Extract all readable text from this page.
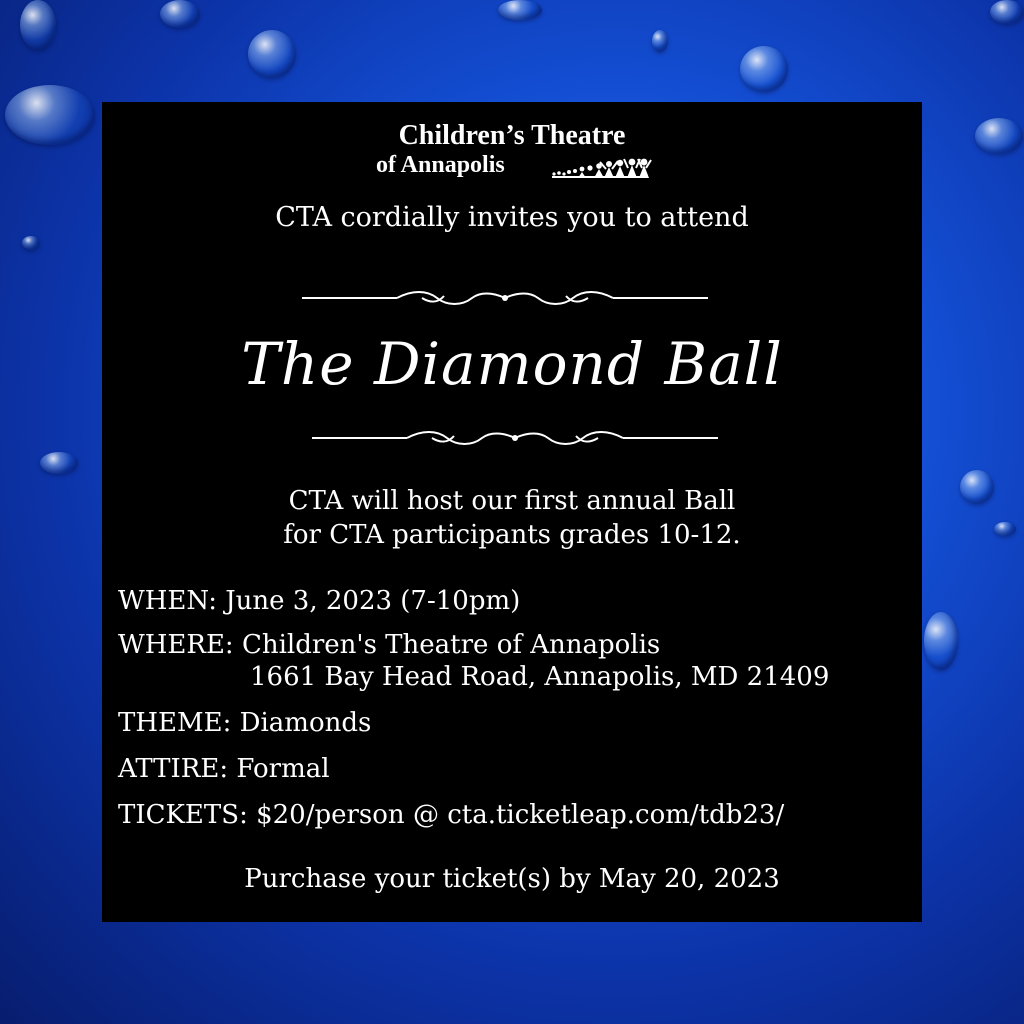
Children’s Theatre
of Annapolis
CTA cordially invites you to attend
The Diamond Ball
CTA will host our first annual Ball
for CTA participants grades 10-12.
WHEN: June 3, 2023 (7-10pm)
WHERE: Children's Theatre of Annapolis
1661 Bay Head Road, Annapolis, MD 21409
THEME: Diamonds
ATTIRE: Formal
TICKETS: $20/person @ cta.ticketleap.com/tdb23/
Purchase your ticket(s) by May 20, 2023
